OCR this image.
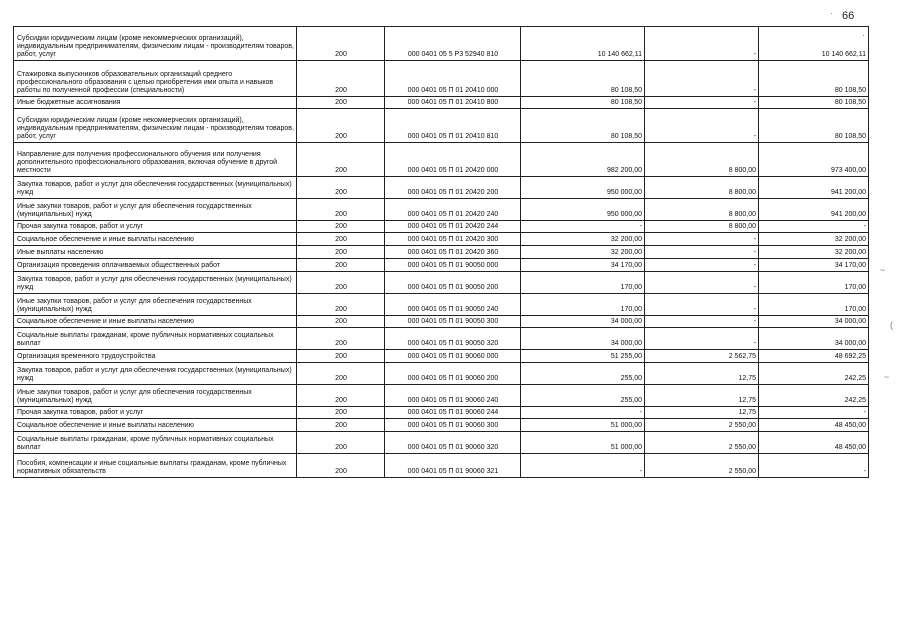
66
Субсидии юридическим лицам (кроме некоммерческих организаций), индивидуальным предпринимателям, физическим лицам - производителям товаров, работ, услуг	200	000 0401 05 5 P3 52940 810	10 140 662,11	-	10 140 662,11
Стажировка выпускников образовательных организаций среднего профессионального образования с целью приобретения ими опыта и навыков работы по полученной профессии (специальности)	200	000 0401 05 П 01 20410 000	80 108,50	-	80 108,50
Иные бюджетные ассигнования	200	000 0401 05 П 01 20410 800	80 108,50	-	80 108,50
Субсидии юридическим лицам (кроме некоммерческих организаций), индивидуальным предпринимателям, физическим лицам - производителям товаров, работ, услуг	200	000 0401 05 П 01 20410 810	80 108,50	-	80 108,50
Направление для получения профессионального обучения или получения дополнительного профессионального образования, включая обучение в другой местности	200	000 0401 05 П 01 20420 000	982 200,00	8 800,00	973 400,00
Закупка товаров, работ и услуг для обеспечения государственных (муниципальных) нужд	200	000 0401 05 П 01 20420 200	950 000,00	8 800,00	941 200,00
Иные закупки товаров, работ и услуг для обеспечения государственных (муниципальных) нужд	200	000 0401 05 П 01 20420 240	950 000,00	8 800,00	941 200,00
Прочая закупка товаров, работ и услуг	200	000 0401 05 П 01 20420 244	-	8 800,00	-
Социальное обеспечение и иные выплаты населению	200	000 0401 05 П 01 20420 300	32 200,00	-	32 200,00
Иные выплаты населению	200	000 0401 05 П 01 20420 360	32 200,00	-	32 200,00
Организация проведения оплачиваемых общественных работ	200	000 0401 05 П 01 90050 000	34 170,00	-	34 170,00
Закупка товаров, работ и услуг для обеспечения государственных (муниципальных) нужд	200	000 0401 05 П 01 90050 200	170,00	-	170,00
Иные закупки товаров, работ и услуг для обеспечения государственных (муниципальных) нужд	200	000 0401 05 П 01 90050 240	170,00	-	170,00
Социальное обеспечение и иные выплаты населению	200	000 0401 05 П 01 90050 300	34 000,00	-	34 000,00
Социальные выплаты гражданам, кроме публичных нормативных социальных выплат	200	000 0401 05 П 01 90050 320	34 000,00	-	34 000,00
Организация временного трудоустройства	200	000 0401 05 П 01 90060 000	51 255,00	2 562,75	48 692,25
Закупка товаров, работ и услуг для обеспечения государственных (муниципальных) нужд	200	000 0401 05 П 01 90060 200	255,00	12,75	242,25
Иные закупки товаров, работ и услуг для обеспечения государственных (муниципальных) нужд	200	000 0401 05 П 01 90060 240	255,00	12,75	242,25
Прочая закупка товаров, работ и услуг	200	000 0401 05 П 01 90060 244	-	12,75	-
Социальное обеспечение и иные выплаты населению	200	000 0401 05 П 01 90060 300	51 000,00	2 550,00	48 450,00
Социальные выплаты гражданам, кроме публичных нормативных социальных выплат	200	000 0401 05 П 01 90060 320	51 000,00	2 550,00	48 450,00
Пособия, компенсации и иные социальные выплаты гражданам, кроме публичных нормативных обязательств	200	000 0401 05 П 01 90060 321	-	2 550,00	-
·
·
~
(
~
